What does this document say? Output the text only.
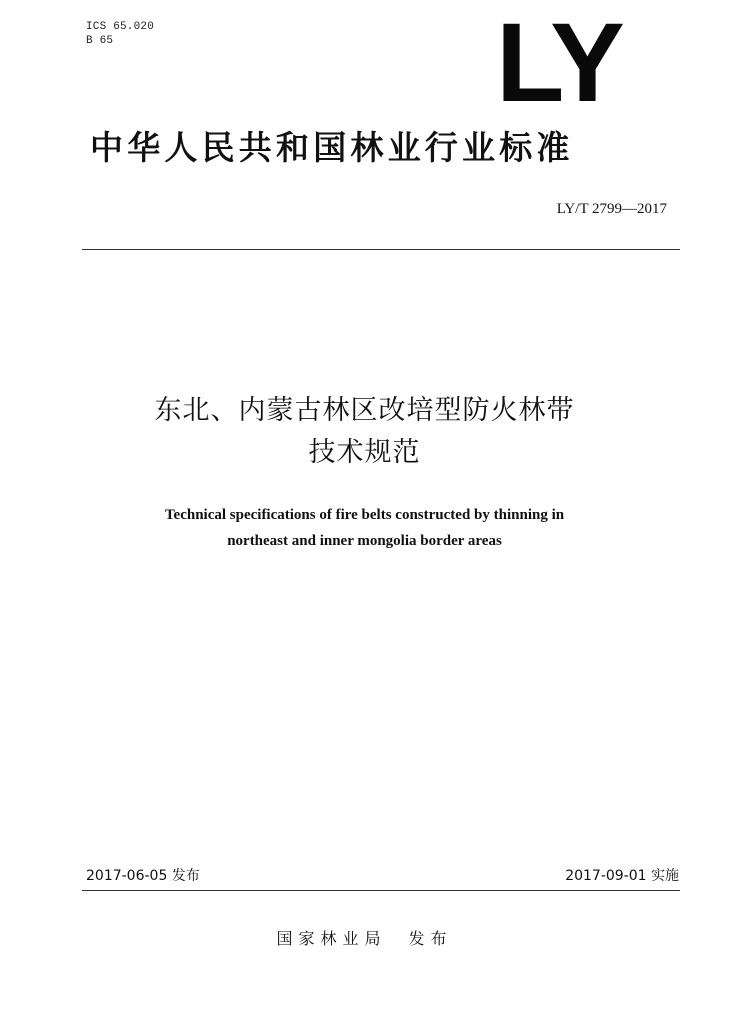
ICS 65.020
B 65	LY
中华人民共和国林业行业标准
LY/T 2799—2017
东北、内蒙古林区改培型防火林带
技术规范
Technical specifications of fire belts constructed by thinning in
northeast and inner mongolia border areas
2017-06-05 发布	2017-09-01 实施
国家林业局 发布
